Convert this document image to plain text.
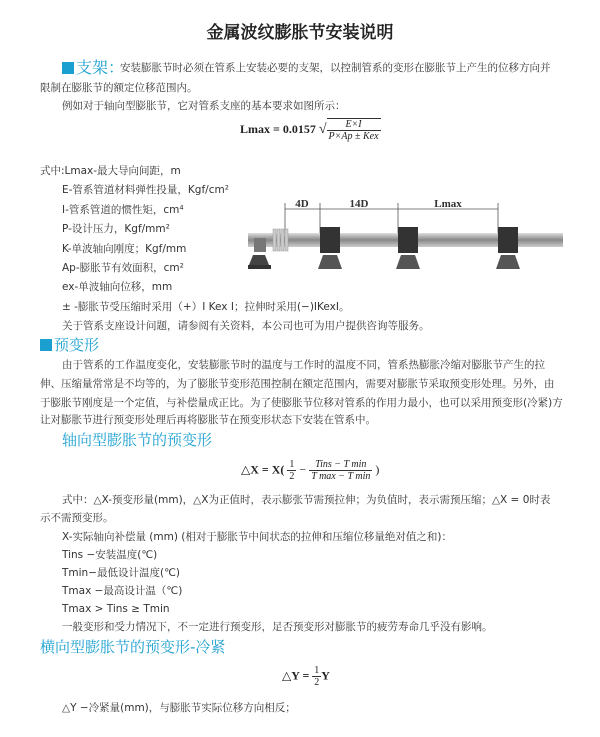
金属波纹膨胀节安装说明
支架：
安装膨胀节时必须在管系上安装必要的支架，以控制管系的变形在膨胀节上产生的位移方向并
限制在膨胀节的额定位移范围内。
例如对于轴向型膨胀节，它对管系支座的基本要求如图所示：
Lmax = 0.0157 √ $\frac{E\times I}{\text{P×Ap ± Kex}}$
式中:Lmax-最大导向间距，m
E-管系管道材料弹性投量，Kgf/cm²
I-管系管道的惯性矩，cm⁴
P-设计压力，Kgf/mm²
K-单波轴向刚度；Kgf/mm
Ap-膨胀节有效面积，cm²
ex-单波轴向位移，mm
± -膨胀节受压缩时采用（+）I Kex I；拉伸时采用(−)IKexI。
关于管系支座设计问题，请参阅有关资料，本公司也可为用户提供咨询等服务。
4D	14D	Lmax
预变形
由于管系的工作温度变化，安装膨胀节时的温度与工作时的温度不同，管系热膨胀冷缩对膨胀节产生的拉
伸、压缩量常常是不均等的，为了膨胀节变形范围控制在额定范围内，需要对膨胀节采取预变形处理。另外，由
于膨胀节刚度是一个定值，与补偿量成正比。为了使膨胀节位移对管系的作用力最小，也可以采用预变形(冷紧)方
让对膨胀节进行预变形处理后再将膨胀节在预变形状态下安装在管系中。
轴向型膨胀节的预变形
△X = $X( \frac{1}{2} - \frac{\text{Tins − T min}}{\text{T max − T min}}$ )
式中：△X-预变形量(mm)，△X为正值时，表示膨张节需预拉伸；为负值时，表示需预压缩；△X = 0时表
示不需预变形。
X-实际轴向补偿量 (mm) (相对于膨胀节中间状态的拉伸和压缩位移量绝对值之和)：
Tins −安装温度(℃)
Tmin−最低设计温度(℃)
Tmax −最高设计温（℃)
Tmax > Tins ≥ Tmin
一般变形和受力情况下，不一定进行预变形，足否预变形对膨胀节的疲劳寿命几乎没有影响。
横向型膨胀节的预变形-冷紧
△Y = $\frac{1}{2}$ Y
△Y −冷紧量(mm)，与膨胀节实际位移方向相反；
